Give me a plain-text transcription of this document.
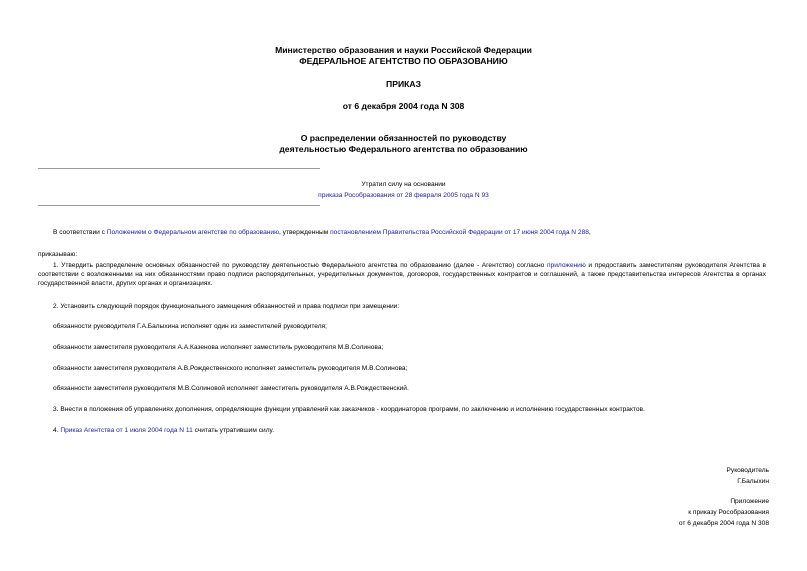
Министерство образования и науки Российской Федерации
ФЕДЕРАЛЬНОЕ АГЕНТСТВО ПО ОБРАЗОВАНИЮ
ПРИКАЗ
от 6 декабря 2004 года N 308
О распределении обязанностей по руководству
деятельностью Федерального агентства по образованию
Утратил силу на основании
приказа Рособразования от 28 февраля 2005 года N 93
В соответствии с Положением о Федеральном агентстве по образованию, утвержденным постановлением Правительства Российской Федерации от 17 июня 2004 года N 288,
приказываю:
1. Утвердить распределение основных обязанностей по руководству деятельностью Федерального агентства по образованию (далее - Агентство) согласно приложению и предоставить заместителям руководителя Агентства в соответствии с возложенными на них обязанностями право подписи распорядительных, учредительных документов, договоров, государственных контрактов и соглашений, а также представительства интересов Агентства в органах государственной власти, других органах и организациях.
2. Установить следующий порядок функционального замещения обязанностей и права подписи при замещении:
обязанности руководителя Г.А.Балыхина исполняет один из заместителей руководителя;
обязанности заместителя руководителя А.А.Казенова исполняет заместитель руководителя М.В.Солинова;
обязанности заместителя руководителя А.В.Рождественского исполняет заместитель руководителя М.В.Солинова;
обязанности заместителя руководителя М.В.Солиновой исполняет заместитель руководителя А.В.Рождественский.
3. Внести в положения об управлениях дополнения, определяющие функции управлений как заказчиков - координаторов программ, по заключению и исполнению государственных контрактов.
4. Приказ Агентства от 1 июля 2004 года N 11 считать утратившим силу.
Руководитель
Г.Балыхин
Приложение
к приказу Рособразования
от 6 декабря 2004 года N 308
